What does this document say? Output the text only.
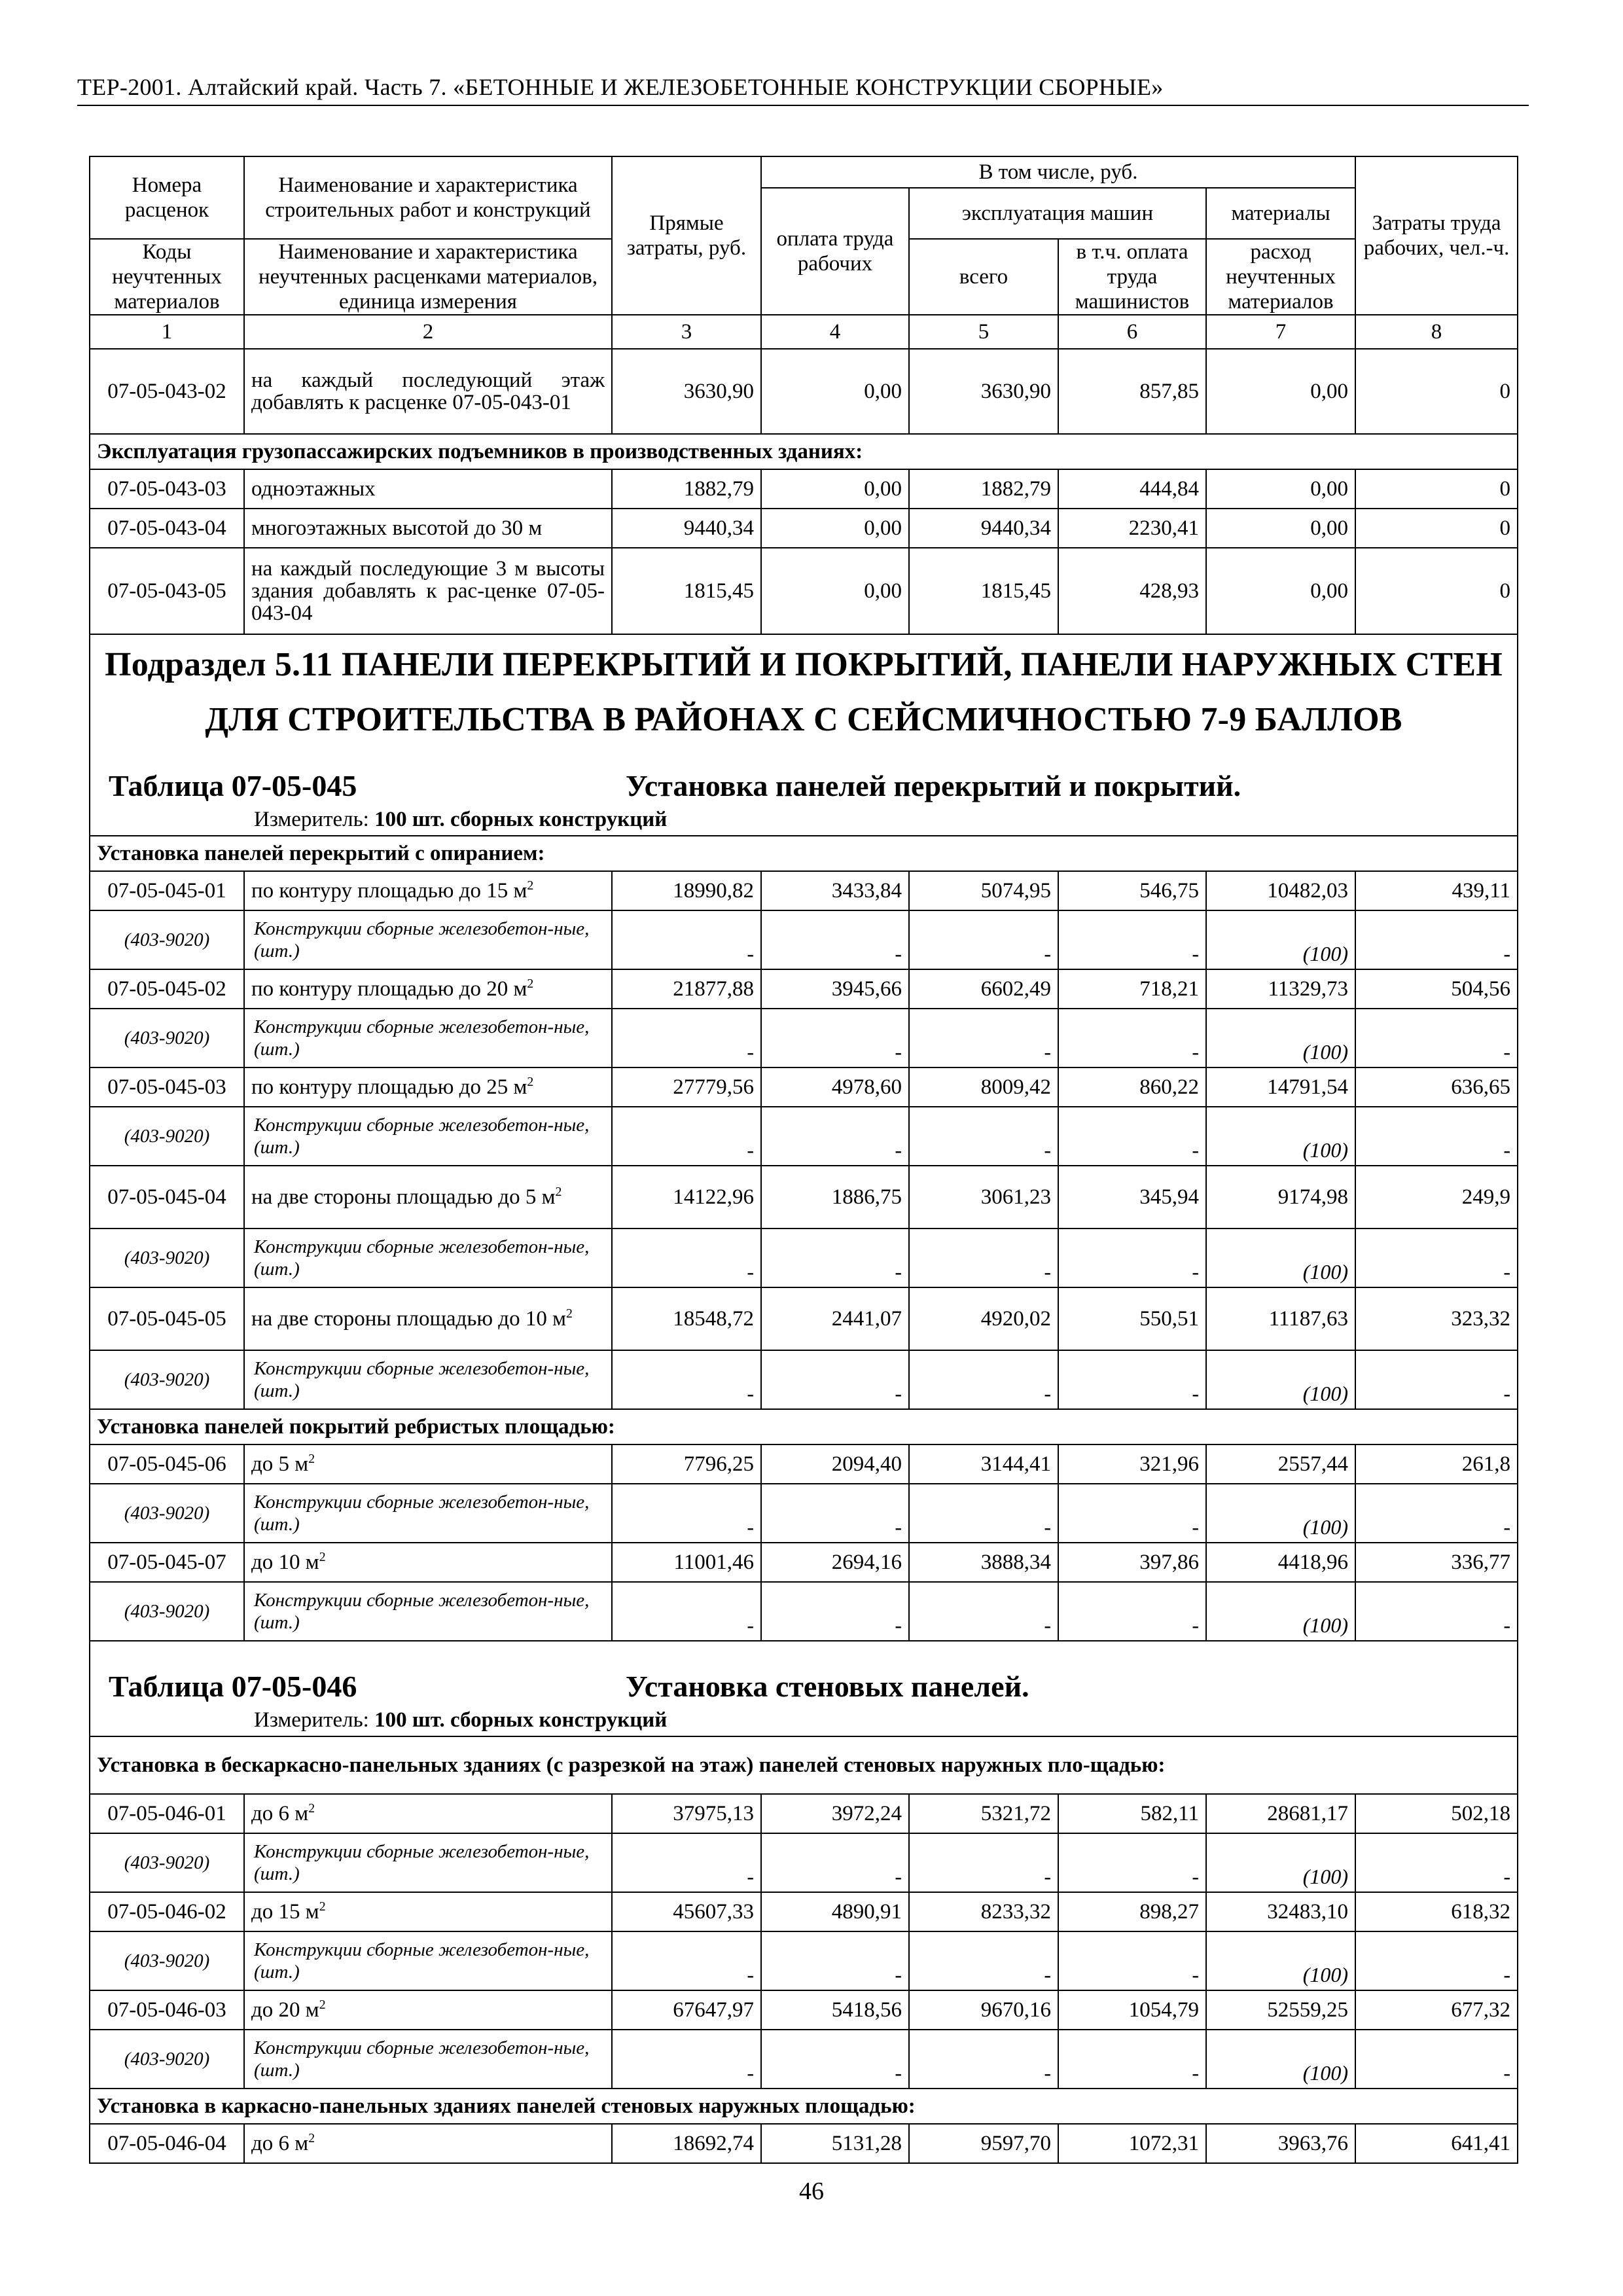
ТЕР-2001. Алтайский край. Часть 7. «БЕТОННЫЕ И ЖЕЛЕЗОБЕТОННЫЕ КОНСТРУКЦИИ СБОРНЫЕ»
Номера расценок	Наименование и характеристика строительных работ и конструкций	Прямые затраты, руб.	В том числе, руб.				Затраты труда рабочих, чел.-ч.
			оплата труда рабочих	эксплуатация машин		материалы	
Коды неучтенных материалов	Наименование и характеристика неучтенных расценками материалов, единица измерения			всего	в т.ч. оплата труда машинистов	расход неучтенных материалов	
1	2	3	4	5	6	7	8
07-05-043-02	на каждый последующий этаж добавлять к расценке 07-05-043-01	3630,90	0,00	3630,90	857,85	0,00	0
Эксплуатация грузопассажирских подъемников в производственных зданиях:							
07-05-043-03	одноэтажных	1882,79	0,00	1882,79	444,84	0,00	0
07-05-043-04	многоэтажных высотой до 30 м	9440,34	0,00	9440,34	2230,41	0,00	0
07-05-043-05	на каждый последующие 3 м высоты здания добавлять к рас-ценке 07-05-043-04	1815,45	0,00	1815,45	428,93	0,00	0

Подраздел 5.11 ПАНЕЛИ ПЕРЕКРЫТИЙ И ПОКРЫТИЙ, ПАНЕЛИ НАРУЖНЫХ СТЕН
ДЛЯ СТРОИТЕЛЬСТВА В РАЙОНАХ С СЕЙСМИЧНОСТЬЮ 7-9 БАЛЛОВ
Таблица 07-05-045 Установка панелей перекрытий и покрытий.
Измеритель: 100 шт. сборных конструкций							

Установка панелей перекрытий с опиранием:							
07-05-045-01	по контуру площадью до 15 $м^2$	18990,82	3433,84	5074,95	546,75	10482,03	439,11
(403-9020)	Конструкции сборные железобетон-ные, (шт.)	-	-	-	-	(100)	-
07-05-045-02	по контуру площадью до 20 $м^2$	21877,88	3945,66	6602,49	718,21	11329,73	504,56
(403-9020)	Конструкции сборные железобетон-ные, (шт.)	-	-	-	-	(100)	-
07-05-045-03	по контуру площадью до 25 $м^2$	27779,56	4978,60	8009,42	860,22	14791,54	636,65
(403-9020)	Конструкции сборные железобетон-ные, (шт.)	-	-	-	-	(100)	-
07-05-045-04	на две стороны площадью до 5 $м^2$	14122,96	1886,75	3061,23	345,94	9174,98	249,9
(403-9020)	Конструкции сборные железобетон-ные, (шт.)	-	-	-	-	(100)	-
07-05-045-05	на две стороны площадью до 10 $м^2$	18548,72	2441,07	4920,02	550,51	11187,63	323,32
(403-9020)	Конструкции сборные железобетон-ные, (шт.)	-	-	-	-	(100)	-
Установка панелей покрытий ребристых площадью:							
07-05-045-06	до 5 $м^2$	7796,25	2094,40	3144,41	321,96	2557,44	261,8
(403-9020)	Конструкции сборные железобетон-ные, (шт.)	-	-	-	-	(100)	-
07-05-045-07	до 10 $м^2$	11001,46	2694,16	3888,34	397,86	4418,96	336,77
(403-9020)	Конструкции сборные железобетон-ные, (шт.)	-	-	-	-	(100)	-

Таблица 07-05-046 Установка стеновых панелей.
Измеритель: 100 шт. сборных конструкций							

Установка в бескаркасно-панельных зданиях (с разрезкой на этаж) панелей стеновых наружных пло-щадью:							
07-05-046-01	до 6 $м^2$	37975,13	3972,24	5321,72	582,11	28681,17	502,18
(403-9020)	Конструкции сборные железобетон-ные, (шт.)	-	-	-	-	(100)	-
07-05-046-02	до 15 $м^2$	45607,33	4890,91	8233,32	898,27	32483,10	618,32
(403-9020)	Конструкции сборные железобетон-ные, (шт.)	-	-	-	-	(100)	-
07-05-046-03	до 20 $м^2$	67647,97	5418,56	9670,16	1054,79	52559,25	677,32
(403-9020)	Конструкции сборные железобетон-ные, (шт.)	-	-	-	-	(100)	-
Установка в каркасно-панельных зданиях панелей стеновых наружных площадью:							
07-05-046-04	до 6 $м^2$	18692,74	5131,28	9597,70	1072,31	3963,76	641,41
46
